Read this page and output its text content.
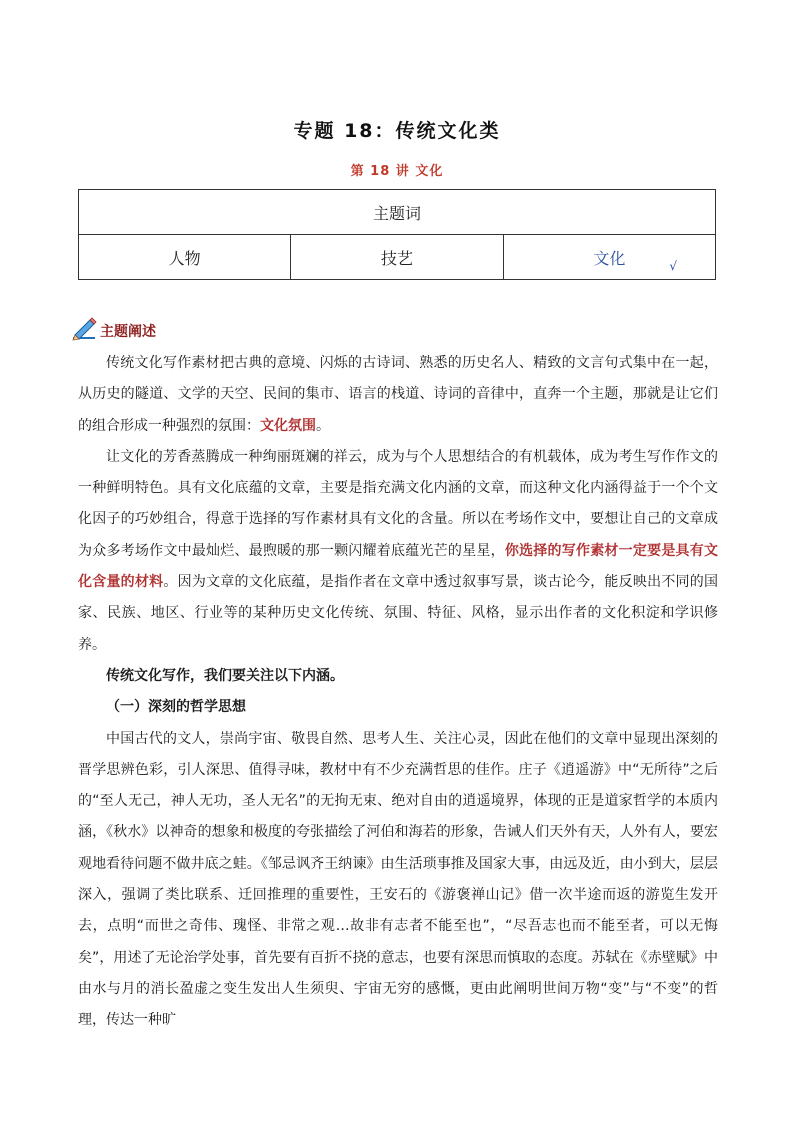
专题 18：传统文化类
第 18 讲 文化
主题词
人物	技艺	文化	√
主题阐述

传统文化写作素材把古典的意境、闪烁的古诗词、熟悉的历史名人、精致的文言句式集中在一起，从历史的隧道、文学的天空、民间的集市、语言的栈道、诗词的音律中，直奔一个主题，那就是让它们的组合形成一种强烈的氛围：文化氛围。

让文化的芳香蒸腾成一种绚丽斑斓的祥云，成为与个人思想结合的有机载体，成为考生写作作文的一种鲜明特色。具有文化底蕴的文章，主要是指充满文化内涵的文章，而这种文化内涵得益于一个个文化因子的巧妙组合，得意于选择的写作素材具有文化的含量。所以在考场作文中，要想让自己的文章成为众多考场作文中最灿烂、最煦暖的那一颗闪耀着底蕴光芒的星星，你选择的写作素材一定要是具有文化含量的材料。因为文章的文化底蕴，是指作者在文章中透过叙事写景，谈古论今，能反映出不同的国家、民族、地区、行业等的某种历史文化传统、氛围、特征、风格，显示出作者的文化积淀和学识修养。

传统文化写作，我们要关注以下内涵。

（一）深刻的哲学思想

中国古代的文人，崇尚宇宙、敬畏自然、思考人生、关注心灵，因此在他们的文章中显现出深刻的晋学思辨色彩，引人深思、值得寻味，教材中有不少充满哲思的佳作。庄子《逍遥游》中“无所待”之后的“至人无己，神人无功，圣人无名”的无拘无束、绝对自由的逍遥境界，体现的正是道家哲学的本质内涵，《秋水》以神奇的想象和极度的夸张描绘了河伯和海若的形象，告诫人们天外有天，人外有人，要宏观地看待问题不做井底之蛙。《邹忌讽齐王纳谏》由生活琐事推及国家大事，由远及近，由小到大，层层深入，强调了类比联系、迁回推理的重要性，王安石的《游褒禅山记》借一次半途而返的游览生发开去，点明“而世之奇伟、瑰怪、非常之观…故非有志者不能至也”，“尽吾志也而不能至者，可以无悔矣”，用述了无论治学处事，首先要有百折不挠的意志，也要有深思而慎取的态度。苏轼在《赤壁赋》中由水与月的消长盈虚之变生发出人生须臾、宇宙无穷的感慨，更由此阐明世间万物“变”与“不变”的哲理，传达一种旷
